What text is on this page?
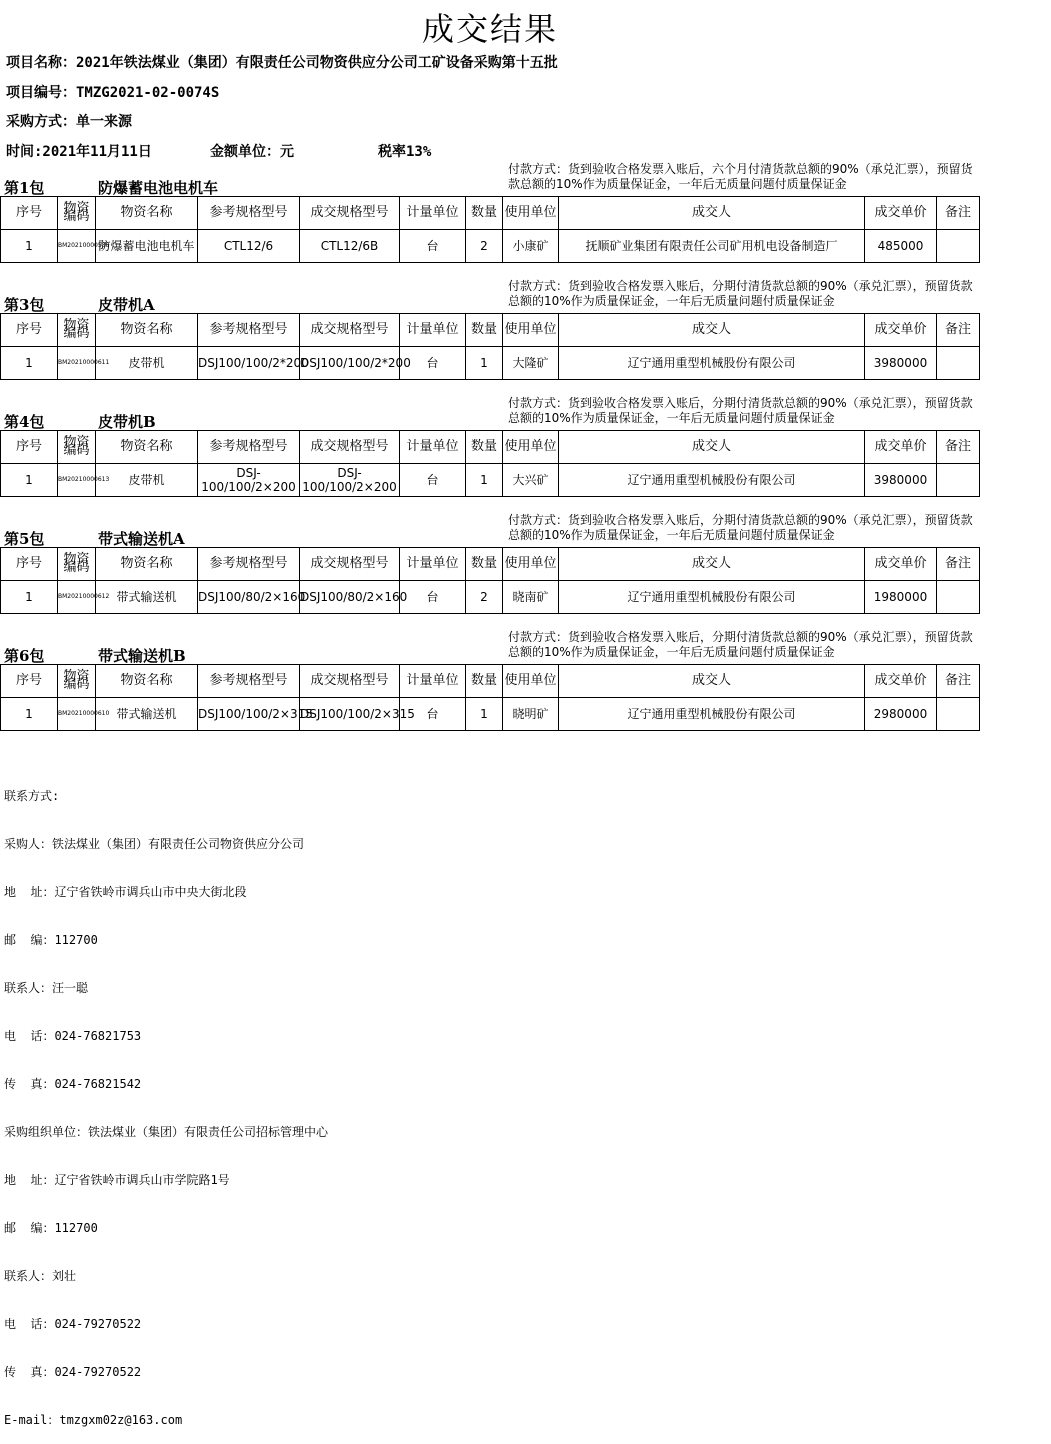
成交结果
项目名称：2021年铁法煤业（集团）有限责任公司物资供应分公司工矿设备采购第十五批
项目编号：TMZG2021-02-0074S
采购方式：单一来源
时间:2021年11月11日	金额单位：元	税率13%
第1包	防爆蓄电池电机车
付款方式：货到验收合格发票入账后，六个月付清货款总额的90%（承兑汇票），预留货款总额的10%作为质量保证金，一年后无质量问题付质量保证金
序号	物资编码	物资名称	参考规格型号	成交规格型号	计量单位	数量	使用单位	成交人	成交单价	备注
1	BM20210000588	防爆蓄电池电机车	CTL12/6	CTL12/6B	台	2	小康矿	抚顺矿业集团有限责任公司矿用机电设备制造厂	485000	
第3包	皮带机A
付款方式：货到验收合格发票入账后，分期付清货款总额的90%（承兑汇票），预留货款总额的10%作为质量保证金，一年后无质量问题付质量保证金
序号	物资编码	物资名称	参考规格型号	成交规格型号	计量单位	数量	使用单位	成交人	成交单价	备注
1	BM20210000611	皮带机	DSJ100/100/2*200	DSJ100/100/2*200	台	1	大隆矿	辽宁通用重型机械股份有限公司	3980000	
第4包	皮带机B
付款方式：货到验收合格发票入账后，分期付清货款总额的90%（承兑汇票），预留货款总额的10%作为质量保证金，一年后无质量问题付质量保证金
序号	物资编码	物资名称	参考规格型号	成交规格型号	计量单位	数量	使用单位	成交人	成交单价	备注
1	BM20210000613	皮带机	DSJ-100/100/2×200	DSJ-100/100/2×200	台	1	大兴矿	辽宁通用重型机械股份有限公司	3980000	
第5包	带式输送机A
付款方式：货到验收合格发票入账后，分期付清货款总额的90%（承兑汇票），预留货款总额的10%作为质量保证金，一年后无质量问题付质量保证金
序号	物资编码	物资名称	参考规格型号	成交规格型号	计量单位	数量	使用单位	成交人	成交单价	备注
1	BM20210000612	带式输送机	DSJ100/80/2×160	DSJ100/80/2×160	台	2	晓南矿	辽宁通用重型机械股份有限公司	1980000	
第6包	带式输送机B
付款方式：货到验收合格发票入账后，分期付清货款总额的90%（承兑汇票），预留货款总额的10%作为质量保证金，一年后无质量问题付质量保证金
序号	物资编码	物资名称	参考规格型号	成交规格型号	计量单位	数量	使用单位	成交人	成交单价	备注
1	BM20210000610	带式输送机	DSJ100/100/2×315	DSJ100/100/2×315	台	1	晓明矿	辽宁通用重型机械股份有限公司	2980000	

联系方式:

采购人：铁法煤业（集团）有限责任公司物资供应分公司

地  址：辽宁省铁岭市调兵山市中央大街北段

邮  编：112700

联系人：汪一聪

电  话：024-76821753

传  真：024-76821542

采购组织单位：铁法煤业（集团）有限责任公司招标管理中心

地  址：辽宁省铁岭市调兵山市学院路1号

邮  编：112700

联系人：刘壮

电  话：024-79270522

传  真：024-79270522

E-mail：tmzgxm02z@163.com
